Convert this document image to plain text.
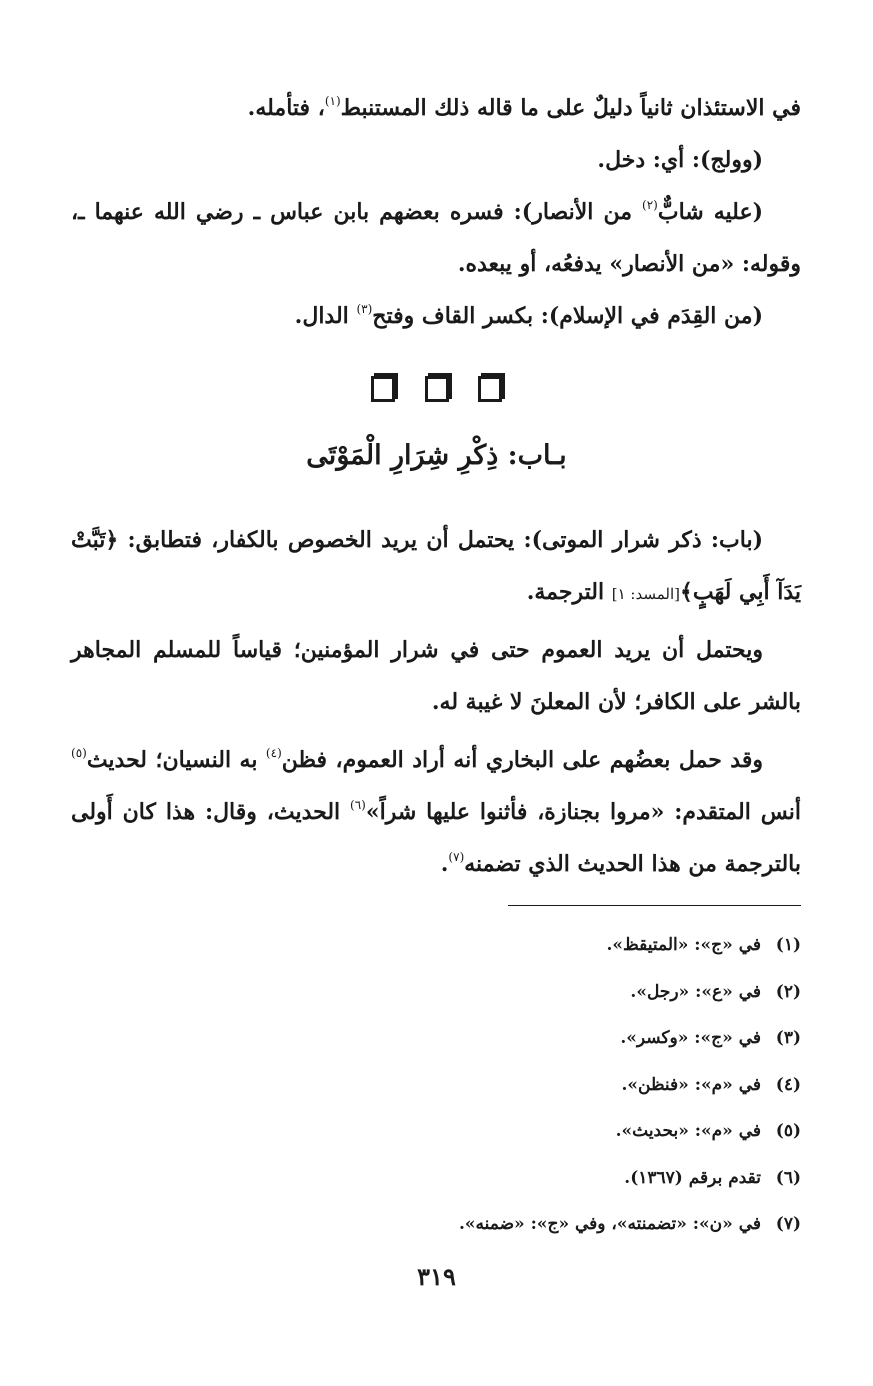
في الاستئذان ثانياً دليلٌ على ما قاله ذلك المستنبط$^{(١)}$، فتأمله.

(وولج): أي: دخل.

(عليه شابٌّ$^{(٢)}$ من الأنصار): فسره بعضهم بابن عباس ـ رضي الله عنهما ـ، وقوله: «من الأنصار» يدفعُه، أو يبعده.

(من القِدَم في الإسلام): بكسر القاف وفتح$^{(٣)}$ الدال.

بـاب: ذِكْرِ شِرَارِ الْمَوْتَى

(باب: ذكر شرار الموتى): يحتمل أن يريد الخصوص بالكفار، فتطابق: ﴿تَبَّتْ يَدَآ أَبِي لَهَبٍ﴾[المسد: ١] الترجمة.

ويحتمل أن يريد العموم حتى في شرار المؤمنين؛ قياساً للمسلم المجاهر بالشر على الكافر؛ لأن المعلنَ لا غيبة له.

وقد حمل بعضُهم على البخاري أنه أراد العموم، فظن$^{(٤)}$ به النسيان؛ لحديث$^{(٥)}$ أنس المتقدم: «مروا بجنازة، فأثنوا عليها شراً»$^{(٦)}$ الحديث، وقال: هذا كان أَولى بالترجمة من هذا الحديث الذي تضمنه$^{(٧)}$.

(١)
في «ج»: «المتيقظ».
(٢)
في «ع»: «رجل».
(٣)
في «ج»: «وكسر».
(٤)
في «م»: «فنظن».
(٥)
في «م»: «بحديث».
(٦)
تقدم برقم (١٣٦٧).
(٧)
في «ن»: «تضمنته»، وفي «ج»: «ضمنه».
٣١٩
